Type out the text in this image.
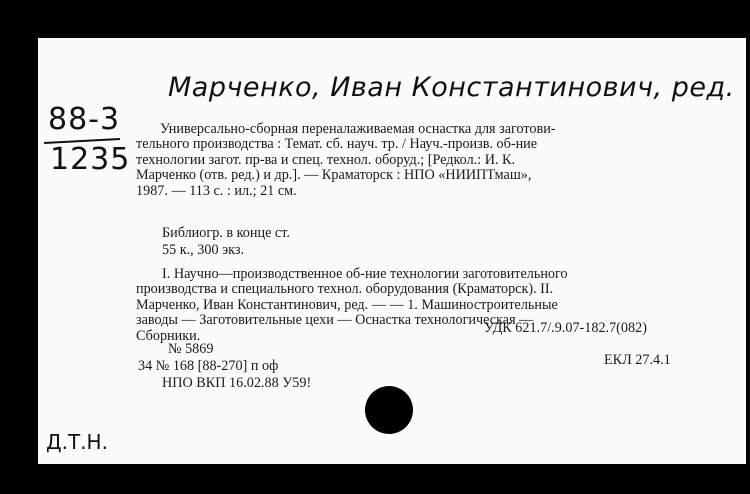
Марченко, Иван Константинович, ред.
88-3
1235
Универсально-сборная переналаживаемая оснастка для заготови-
тельного производства : Темат. сб. науч. тр. / Науч.-произв. об-ние
технологии загот. пр-ва и спец. технол. оборуд.; [Редкол.: И. К.
Марченко (отв. ред.) и др.]. — Краматорск : НПО «НИИПТмаш»,
1987. — 113 с. : ил.; 21 см.
Библиогр. в конце ст.
55 к., 300 экз.
I. Научно—производственное об-ние технологии заготовительного
производства и специального технол. оборудования (Краматорск). II.
Марченко, Иван Константинович, ред. — — 1. Машиностроительные
заводы — Заготовительные цехи — Оснастка технологическая —
Сборники.	УДК 621.7/.9.07-182.7(082)
№ 5869
34 № 168 [88-270] п оф
НПО ВКП 16.02.88 У59!
ЕКЛ 27.4.1
Д.Т.Н.
